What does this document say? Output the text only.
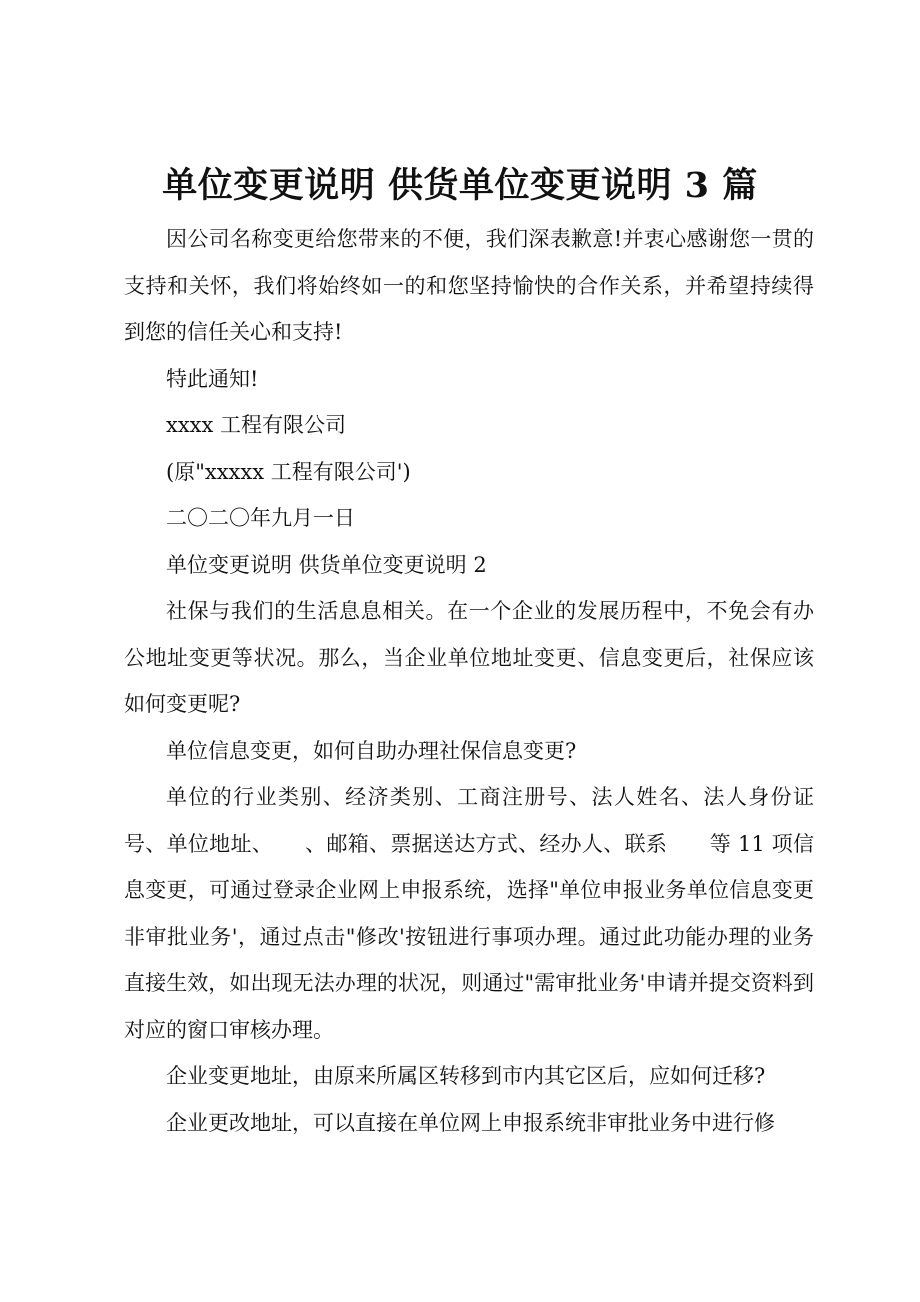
单位变更说明 供货单位变更说明 3 篇

因公司名称变更给您带来的不便，我们深表歉意!并衷心感谢您一贯的支持和关怀，我们将始终如一的和您坚持愉快的合作关系，并希望持续得到您的信任关心和支持!

特此通知!

xxxx 工程有限公司

(原"xxxxx 工程有限公司')

二〇二〇年九月一日

单位变更说明 供货单位变更说明 2

社保与我们的生活息息相关。在一个企业的发展历程中，不免会有办公地址变更等状况。那么，当企业单位地址变更、信息变更后，社保应该如何变更呢?

单位信息变更，如何自助办理社保信息变更?

单位的行业类别、经济类别、工商注册号、法人姓名、法人身份证号、单位地址、　　、邮箱、票据送达方式、经办人、联系　　等 11 项信息变更，可通过登录企业网上申报系统，选择"单位申报业务单位信息变更非审批业务'，通过点击"修改'按钮进行事项办理。通过此功能办理的业务直接生效，如出现无法办理的状况，则通过"需审批业务'申请并提交资料到对应的窗口审核办理。

企业变更地址，由原来所属区转移到市内其它区后，应如何迁移?

企业更改地址，可以直接在单位网上申报系统非审批业务中进行修
